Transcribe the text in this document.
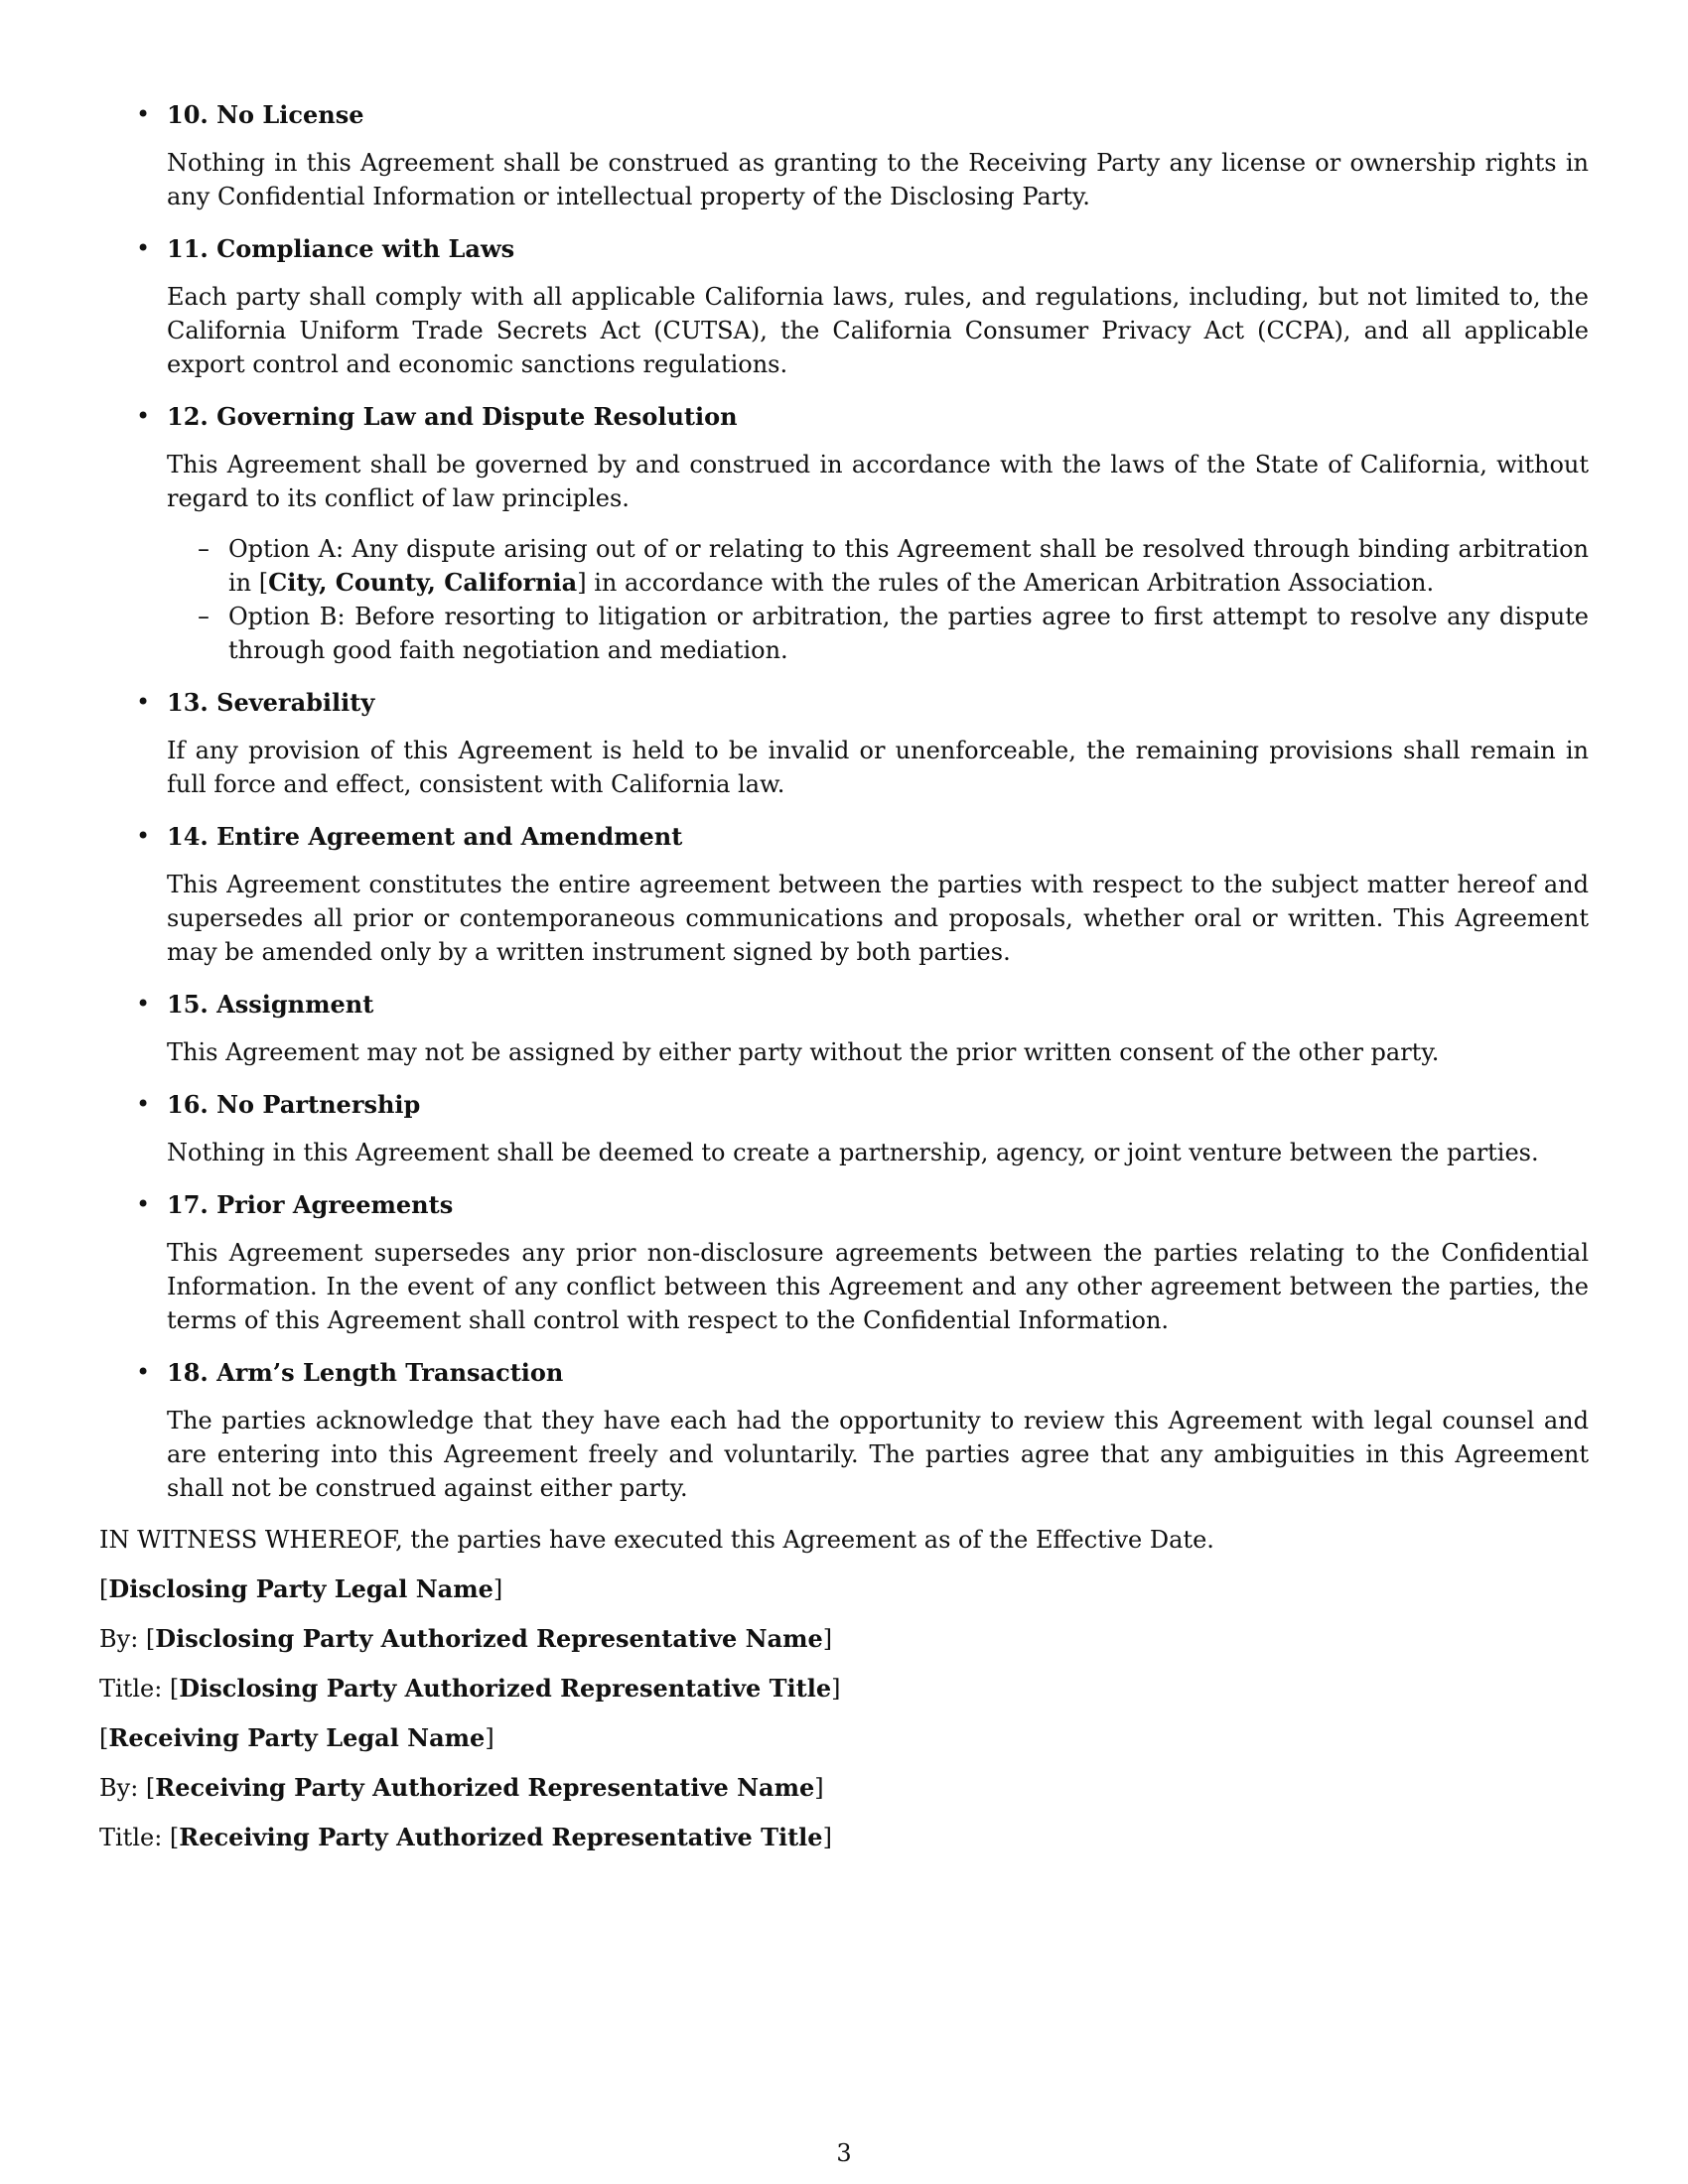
• 10. No License

Nothing in this Agreement shall be construed as granting to the Receiving Party any license or ownership rights in any Confidential Information or intellectual property of the Disclosing Party.

• 11. Compliance with Laws

Each party shall comply with all applicable California laws, rules, and regulations, including, but not limited to, the California Uniform Trade Secrets Act (CUTSA), the California Consumer Privacy Act (CCPA), and all applicable export control and economic sanctions regulations.

• 12. Governing Law and Dispute Resolution

This Agreement shall be governed by and construed in accordance with the laws of the State of California, without regard to its conflict of law principles.

– Option A: Any dispute arising out of or relating to this Agreement shall be resolved through binding arbitration in [City, County, California] in accordance with the rules of the American Arbitration Association.
– Option B: Before resorting to litigation or arbitration, the parties agree to first attempt to resolve any dispute through good faith negotiation and mediation.
• 13. Severability

If any provision of this Agreement is held to be invalid or unenforceable, the remaining provisions shall remain in full force and effect, consistent with California law.

• 14. Entire Agreement and Amendment

This Agreement constitutes the entire agreement between the parties with respect to the subject matter hereof and supersedes all prior or contemporaneous communications and proposals, whether oral or written. This Agreement may be amended only by a written instrument signed by both parties.

• 15. Assignment

This Agreement may not be assigned by either party without the prior written consent of the other party.

• 16. No Partnership

Nothing in this Agreement shall be deemed to create a partnership, agency, or joint venture between the parties.

• 17. Prior Agreements

This Agreement supersedes any prior non-disclosure agreements between the parties relating to the Confidential Information. In the event of any conflict between this Agreement and any other agreement between the parties, the terms of this Agreement shall control with respect to the Confidential Information.

• 18. Arm’s Length Transaction

The parties acknowledge that they have each had the opportunity to review this Agreement with legal counsel and are entering into this Agreement freely and voluntarily. The parties agree that any ambiguities in this Agreement shall not be construed against either party.

IN WITNESS WHEREOF, the parties have executed this Agreement as of the Effective Date.

[Disclosing Party Legal Name]

By: [Disclosing Party Authorized Representative Name]

Title: [Disclosing Party Authorized Representative Title]

[Receiving Party Legal Name]

By: [Receiving Party Authorized Representative Name]

Title: [Receiving Party Authorized Representative Title]

3
